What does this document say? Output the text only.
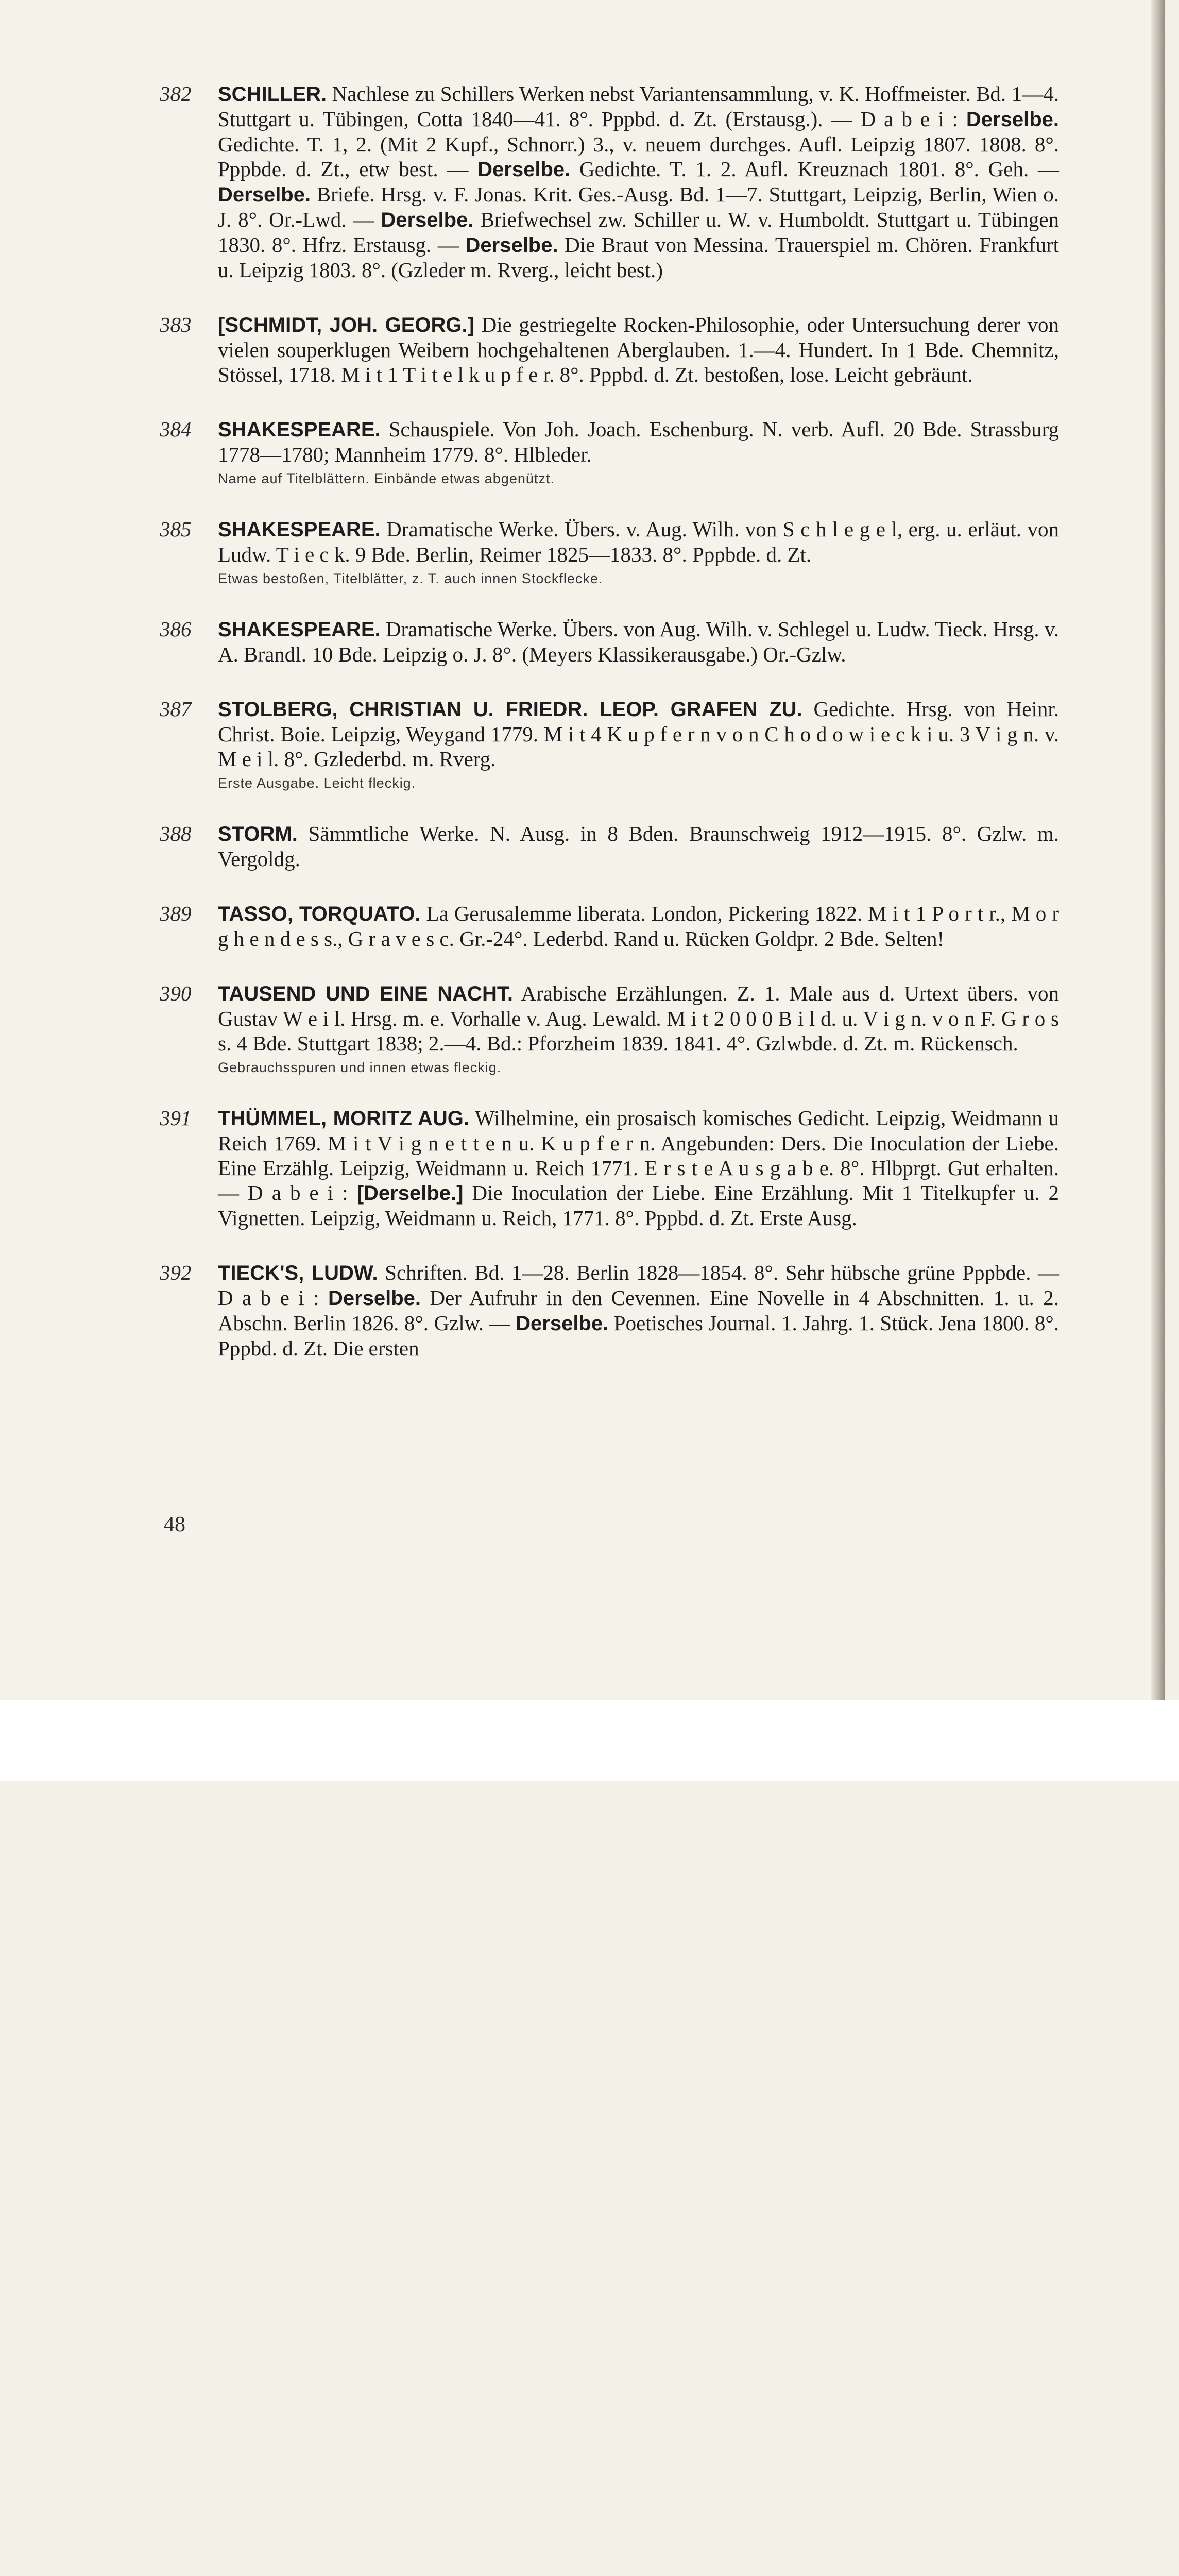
382 SCHILLER. Nachlese zu Schillers Werken nebst Variantensammlung, v. K. Hoffmeister. Bd. 1—4. Stuttgart u. Tübingen, Cotta 1840—41. 8°. Pppbd. d. Zt. (Erstausg.). — D a b e i : Derselbe. Gedichte. T. 1, 2. (Mit 2 Kupf., Schnorr.) 3., v. neuem durchges. Aufl. Leipzig 1807. 1808. 8°. Pppbde. d. Zt., etw best. — Derselbe. Gedichte. T. 1. 2. Aufl. Kreuznach 1801. 8°. Geh. — Derselbe. Briefe. Hrsg. v. F. Jonas. Krit. Ges.-Ausg. Bd. 1—7. Stuttgart, Leipzig, Berlin, Wien o. J. 8°. Or.-Lwd. — Derselbe. Briefwechsel zw. Schiller u. W. v. Humboldt. Stuttgart u. Tübingen 1830. 8°. Hfrz. Erstausg. — Derselbe. Die Braut von Messina. Trauerspiel m. Chören. Frankfurt u. Leipzig 1803. 8°. (Gzleder m. Rverg., leicht best.)

383 [SCHMIDT, JOH. GEORG.] Die gestriegelte Rocken-Philosophie, oder Untersuchung derer von vielen souperklugen Weibern hochgehaltenen Aberglauben. 1.—4. Hundert. In 1 Bde. Chemnitz, Stössel, 1718. M i t 1 T i t e l k u p f e r. 8°. Pppbd. d. Zt. bestoßen, lose. Leicht gebräunt.

384 SHAKESPEARE. Schauspiele. Von Joh. Joach. Eschenburg. N. verb. Aufl. 20 Bde. Strassburg 1778—1780; Mannheim 1779. 8°. Hlbleder.

Name auf Titelblättern. Einbände etwas abgenützt.
385 SHAKESPEARE. Dramatische Werke. Übers. v. Aug. Wilh. von S c h l e g e l, erg. u. erläut. von Ludw. T i e c k. 9 Bde. Berlin, Reimer 1825—1833. 8°. Pppbde. d. Zt.

Etwas bestoßen, Titelblätter, z. T. auch innen Stockflecke.
386 SHAKESPEARE. Dramatische Werke. Übers. von Aug. Wilh. v. Schlegel u. Ludw. Tieck. Hrsg. v. A. Brandl. 10 Bde. Leipzig o. J. 8°. (Meyers Klassikerausgabe.) Or.-Gzlw.

387 STOLBERG, CHRISTIAN U. FRIEDR. LEOP. GRAFEN ZU. Gedichte. Hrsg. von Heinr. Christ. Boie. Leipzig, Weygand 1779. M i t 4 K u p f e r n v o n C h o d o w i e c k i u. 3 V i g n. v. M e i l. 8°. Gzlederbd. m. Rverg.

Erste Ausgabe. Leicht fleckig.
388 STORM. Sämmtliche Werke. N. Ausg. in 8 Bden. Braunschweig 1912—1915. 8°. Gzlw. m. Vergoldg.

389 TASSO, TORQUATO. La Gerusalemme liberata. London, Pickering 1822. M i t 1 P o r t r., M o r g h e n d e s s., G r a v e s c. Gr.-24°. Lederbd. Rand u. Rücken Goldpr. 2 Bde. Selten!

390 TAUSEND UND EINE NACHT. Arabische Erzählungen. Z. 1. Male aus d. Urtext übers. von Gustav W e i l. Hrsg. m. e. Vorhalle v. Aug. Lewald. M i t 2 0 0 0 B i l d. u. V i g n. v o n F. G r o s s. 4 Bde. Stuttgart 1838; 2.—4. Bd.: Pforzheim 1839. 1841. 4°. Gzlwbde. d. Zt. m. Rückensch.

Gebrauchsspuren und innen etwas fleckig.
391 THÜMMEL, MORITZ AUG. Wilhelmine, ein prosaisch komisches Gedicht. Leipzig, Weidmann u Reich 1769. M i t V i g n e t t e n u. K u p f e r n. Angebunden: Ders. Die Inoculation der Liebe. Eine Erzählg. Leipzig, Weidmann u. Reich 1771. E r s t e A u s g a b e. 8°. Hlbprgt. Gut erhalten. — D a b e i : [Derselbe.] Die Inoculation der Liebe. Eine Erzählung. Mit 1 Titelkupfer u. 2 Vignetten. Leipzig, Weidmann u. Reich, 1771. 8°. Pppbd. d. Zt. Erste Ausg.

392 TIECK'S, LUDW. Schriften. Bd. 1—28. Berlin 1828—1854. 8°. Sehr hübsche grüne Pppbde. — D a b e i : Derselbe. Der Aufruhr in den Cevennen. Eine Novelle in 4 Abschnitten. 1. u. 2. Abschn. Berlin 1826. 8°. Gzlw. — Derselbe. Poetisches Journal. 1. Jahrg. 1. Stück. Jena 1800. 8°. Pppbd. d. Zt. Die ersten

48
